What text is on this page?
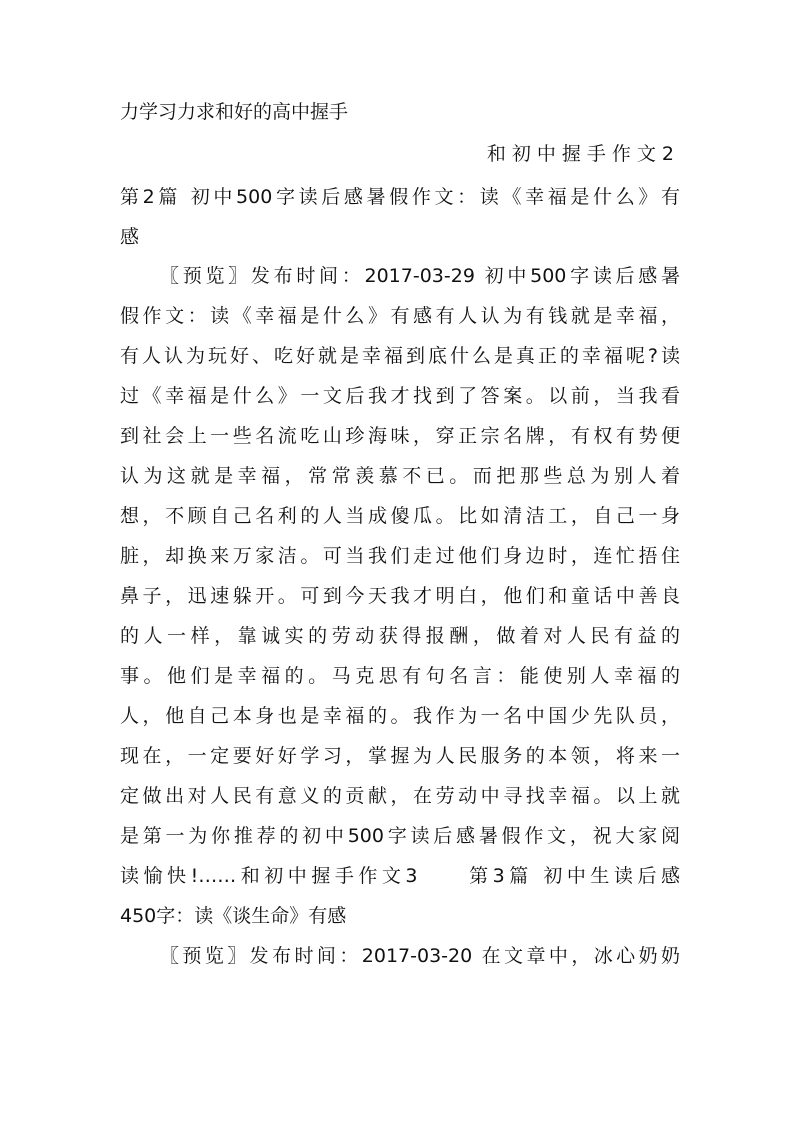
力学习力求和好的高中握手
和初中握手作文2
第2篇 初中500字读后感暑假作文：读《幸福是什么》有
感
〖预览〗发布时间：2017-03-29 初中500字读后感暑
假作文：读《幸福是什么》有感有人认为有钱就是幸福，
有人认为玩好、吃好就是幸福到底什么是真正的幸福呢?读
过《幸福是什么》一文后我才找到了答案。以前，当我看
到社会上一些名流吃山珍海味，穿正宗名牌，有权有势便
认为这就是幸福，常常羡慕不已。而把那些总为别人着
想，不顾自己名利的人当成傻瓜。比如清洁工，自己一身
脏，却换来万家洁。可当我们走过他们身边时，连忙捂住
鼻子，迅速躲开。可到今天我才明白，他们和童话中善良
的人一样，靠诚实的劳动获得报酬，做着对人民有益的
事。他们是幸福的。马克思有句名言：能使别人幸福的
人，他自己本身也是幸福的。我作为一名中国少先队员，
现在，一定要好好学习，掌握为人民服务的本领，将来一
定做出对人民有意义的贡献，在劳动中寻找幸福。以上就
是第一为你推荐的初中500字读后感暑假作文，祝大家阅
读愉快!……和初中握手作文3　　第3篇 初中生读后感
450字：读《谈生命》有感
〖预览〗发布时间：2017-03-20 在文章中，冰心奶奶
